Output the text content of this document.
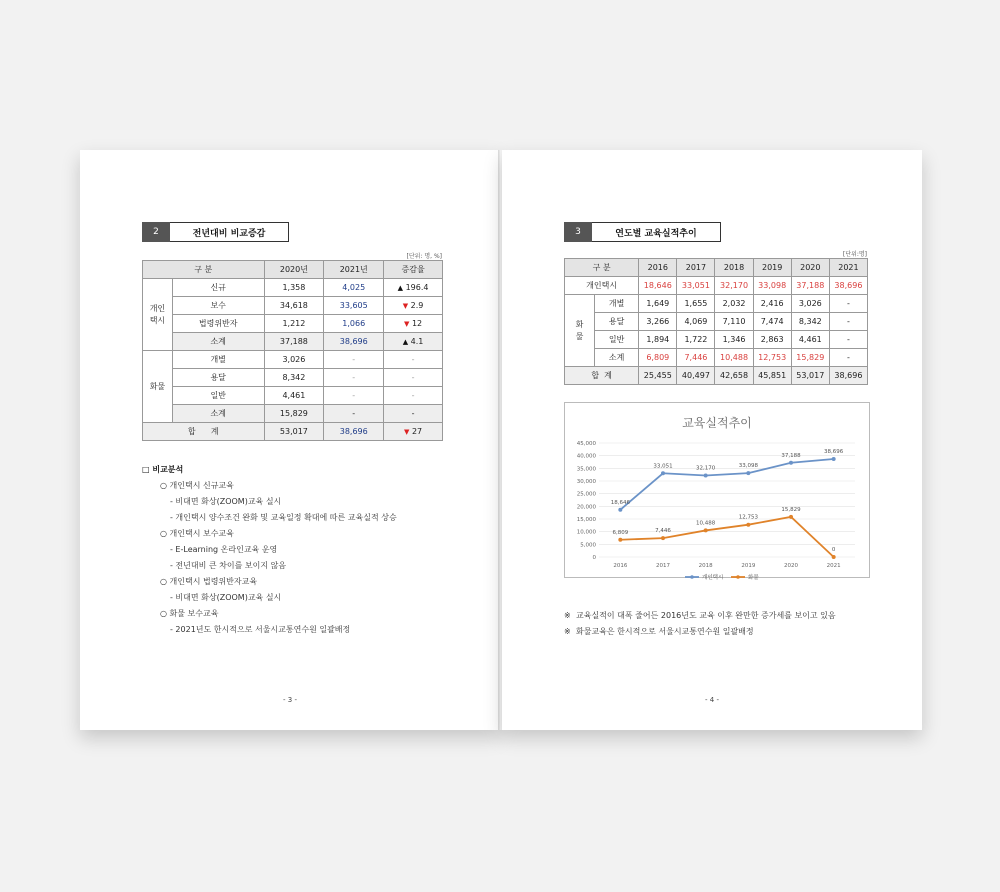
2	전년대비 비교증감
[단위: 명, %]
구 분		2020년	2021년	증감율
개인
택시	신규	1,358	4,025	▲ 196.4
	보수	34,618	33,605	▼ 2.9
	법령위반자	1,212	1,066	▼ 12
	소계	37,188	38,696	▲ 4.1
화물	개별	3,026	-	-
	용달	8,342	-	-
	일반	4,461	-	-
	소계	15,829	-	-
합      계		53,017	38,696	▼ 27
□ 비교분석
○ 개인택시 신규교육
- 비대면 화상(ZOOM)교육 실시
- 개인택시 양수조건 완화 및 교육일정 확대에 따른 교육실적 상승
○ 개인택시 보수교육
- E-Learning 온라인교육 운영
- 전년대비 큰 차이를 보이지 않음
○ 개인택시 법령위반자교육
- 비대면 화상(ZOOM)교육 실시
○ 화물 보수교육
- 2021년도 한시적으로 서울시교통연수원 일괄배정
- 3 -
3	연도별 교육실적추이
[단위:명]
구 분		2016	2017	2018	2019	2020	2021
개인택시		18,646	33,051	32,170	33,098	37,188	38,696
화
물	개별	1,649	1,655	2,032	2,416	3,026	-
	용달	3,266	4,069	7,110	7,474	8,342	-
	일반	1,894	1,722	1,346	2,863	4,461	-
	소계	6,809	7,446	10,488	12,753	15,829	-
합  계		25,455	40,497	42,658	45,851	53,017	38,696
교육실적추이
0
5,000
10,000
15,000
20,000
25,000
30,000
35,000
40,000
45,000
2016	2017	2018	2019	2020	2021
18,646
33,051	32,170	33,098
37,188
38,696
6,809	7,446
10,488
12,753
15,829
0
개인택시	화물
※ 교육실적이 대폭 줄어든 2016년도 교육 이후 완만한 증가세를 보이고 있음
※ 화물교육은 한시적으로 서울시교통연수원 일괄배정
- 4 -
